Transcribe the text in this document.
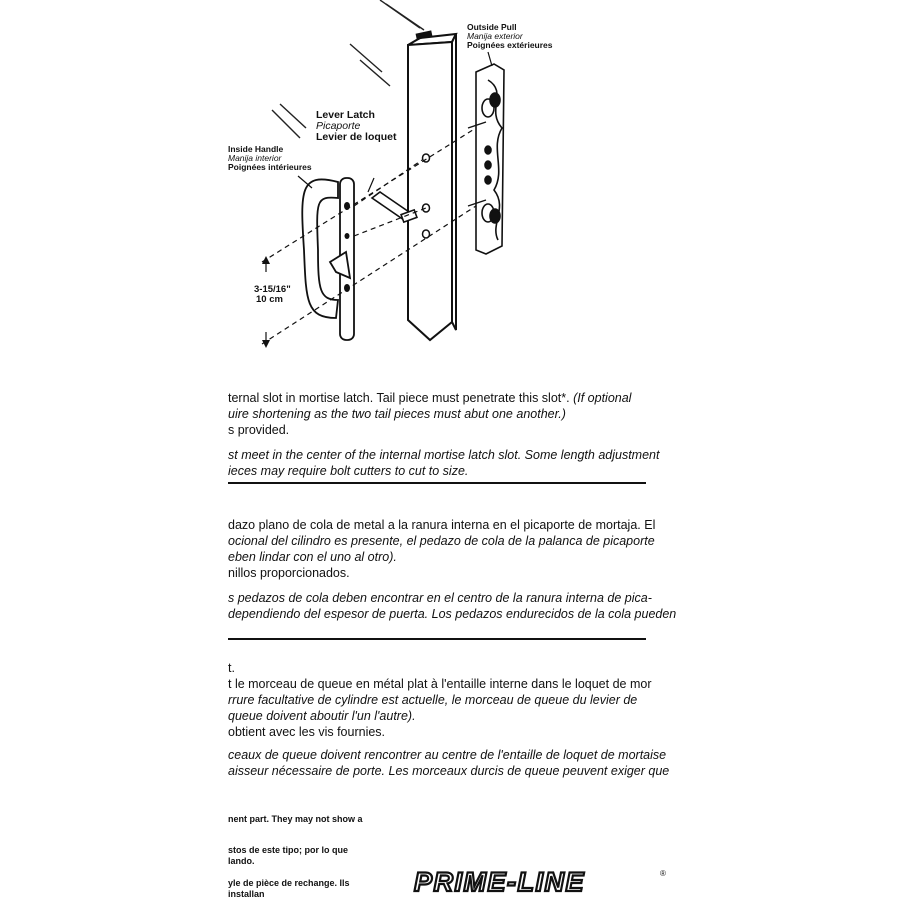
Outside Pull
Manija exterior
Poignées extérieures
Lever Latch
Picaporte
Levier de loquet
Inside Handle
Manija interior
Poignées intérieures
3-15/16"
10 cm
ternal slot in mortise latch. Tail piece must penetrate this slot*. (If optional
uire shortening as the two tail pieces must abut one another.)
s provided.
st meet in the center of the internal mortise latch slot. Some length adjustment
ieces may require bolt cutters to cut to size.
dazo plano de cola de metal a la ranura interna en el picaporte de mortaja. El
ocional del cilindro es presente, el pedazo de cola de la palanca de picaporte
eben lindar con el uno al otro).
nillos proporcionados.
s pedazos de cola deben encontrar en el centro de la ranura interna de pica-
dependiendo del espesor de puerta. Los pedazos endurecidos de la cola pueden
t.
t le morceau de queue en métal plat à l'entaille interne dans le loquet de mor
rrure facultative de cylindre est actuelle, le morceau de queue du levier de
queue doivent aboutir l'un l'autre).
obtient avec les vis fournies.
ceaux de queue doivent rencontrer au centre de l'entaille de loquet de mortaise
aisseur nécessaire de porte. Les morceaux durcis de queue peuvent exiger que
nent part. They may not show a
stos de este tipo; por lo que
lando.
yle de pièce de rechange. Ils
installan	PRIME-LINE	®
